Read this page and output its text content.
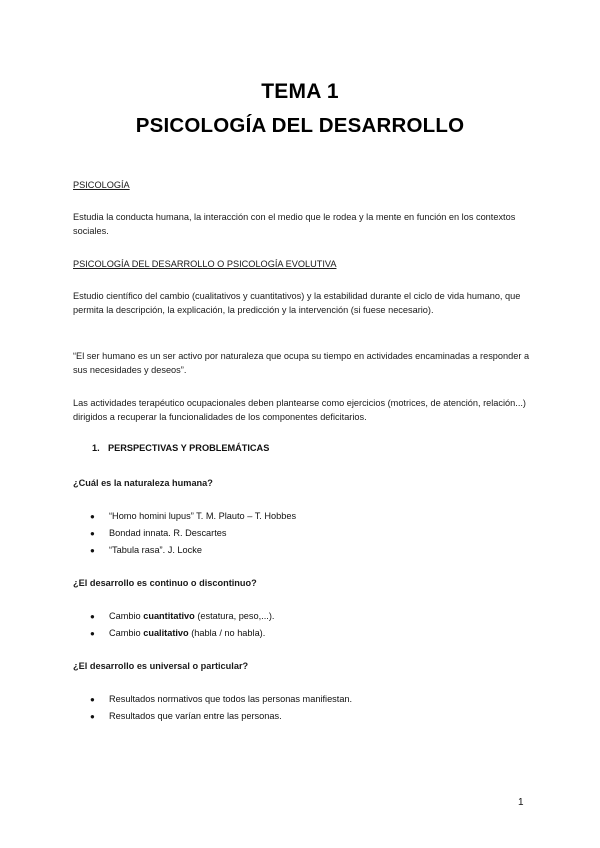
TEMA 1
PSICOLOGÍA DEL DESARROLLO

PSICOLOGÍA

Estudia la conducta humana, la interacción con el medio que le rodea y la mente en función en los contextos sociales.

PSICOLOGÍA DEL DESARROLLO O PSICOLOGÍA EVOLUTIVA

Estudio científico del cambio (cualitativos y cuantitativos) y la estabilidad durante el ciclo de vida humano, que permita la descripción, la explicación, la predicción y la intervención (si fuese necesario).

“El ser humano es un ser activo por naturaleza que ocupa su tiempo en actividades encaminadas a responder a sus necesidades y deseos”.

Las actividades terapéutico ocupacionales deben plantearse como ejercicios (motrices, de atención, relación...) dirigidos a recuperar la funcionalidades de los componentes deficitarios.

1. PERSPECTIVAS Y PROBLEMÁTICAS

¿Cuál es la naturaleza humana?

● “Homo homini lupus” T. M. Plauto – T. Hobbes

● Bondad innata. R. Descartes

● “Tabula rasa”. J. Locke

¿El desarrollo es continuo o discontinuo?

● Cambio cuantitativo (estatura, peso,...).

● Cambio cualitativo (habla / no habla).

¿El desarrollo es universal o particular?

● Resultados normativos que todos las personas manifiestan.

● Resultados que varían entre las personas.

1
